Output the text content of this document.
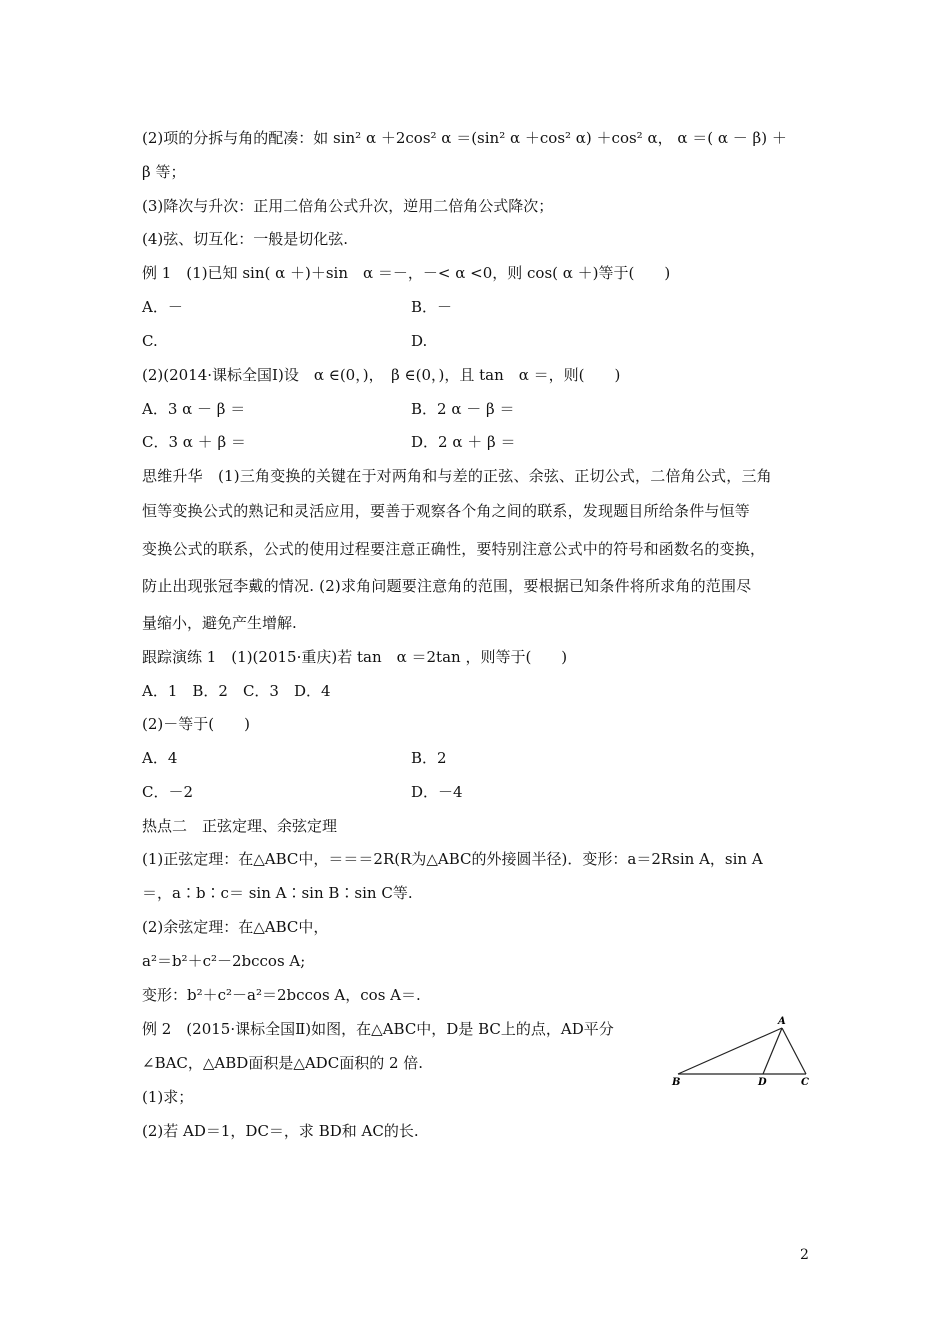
(2)项的分拆与角的配凑：如 sin² α ＋2cos² α ＝(sin² α ＋cos² α) ＋cos² α， α ＝( α － β) ＋
β 等；
(3)降次与升次：正用二倍角公式升次，逆用二倍角公式降次；
(4)弦、切互化：一般是切化弦.
例 1　(1)已知 sin( α ＋)＋sin　α ＝－，－< α <0，则 cos( α ＋)等于(　　)
A．－	B．－
C.	D.
(2)(2014·课标全国Ⅰ)设　α ∈(0，)，　β ∈(0，)，且 tan　α ＝，则(　　)
A．3 α － β ＝	B．2 α － β ＝
C．3 α ＋ β ＝	D．2 α ＋ β ＝
思维升华　(1)三角变换的关键在于对两角和与差的正弦、余弦、正切公式，二倍角公式，三角
恒等变换公式的熟记和灵活应用，要善于观察各个角之间的联系，发现题目所给条件与恒等
变换公式的联系，公式的使用过程要注意正确性，要特别注意公式中的符号和函数名的变换，
防止出现张冠李戴的情况. (2)求角问题要注意角的范围，要根据已知条件将所求角的范围尽
量缩小，避免产生增解.
跟踪演练 1　(1)(2015·重庆)若 tan　α ＝2tan ，则等于(　　)
A．1　B．2　C．3　D．4
(2)－等于(　　)
A．4	B．2
C．－2	D．－4
热点二　正弦定理、余弦定理
(1)正弦定理：在△ABC中，＝＝＝2R(R为△ABC的外接圆半径)．变形：a＝2Rsin A，sin A
＝，a∶b∶c＝ sin A∶sin B∶sin C等.
(2)余弦定理：在△ABC中，
a²＝b²＋c²－2bccos A;
变形：b²＋c²－a²＝2bccos A，cos A＝.
例 2　(2015·课标全国Ⅱ)如图，在△ABC中，D是 BC上的点，AD平分
∠BAC，△ABD面积是△ADC面积的 2 倍.
(1)求；
(2)若 AD＝1，DC＝，求 BD和 AC的长.
A
B	D	C
2
